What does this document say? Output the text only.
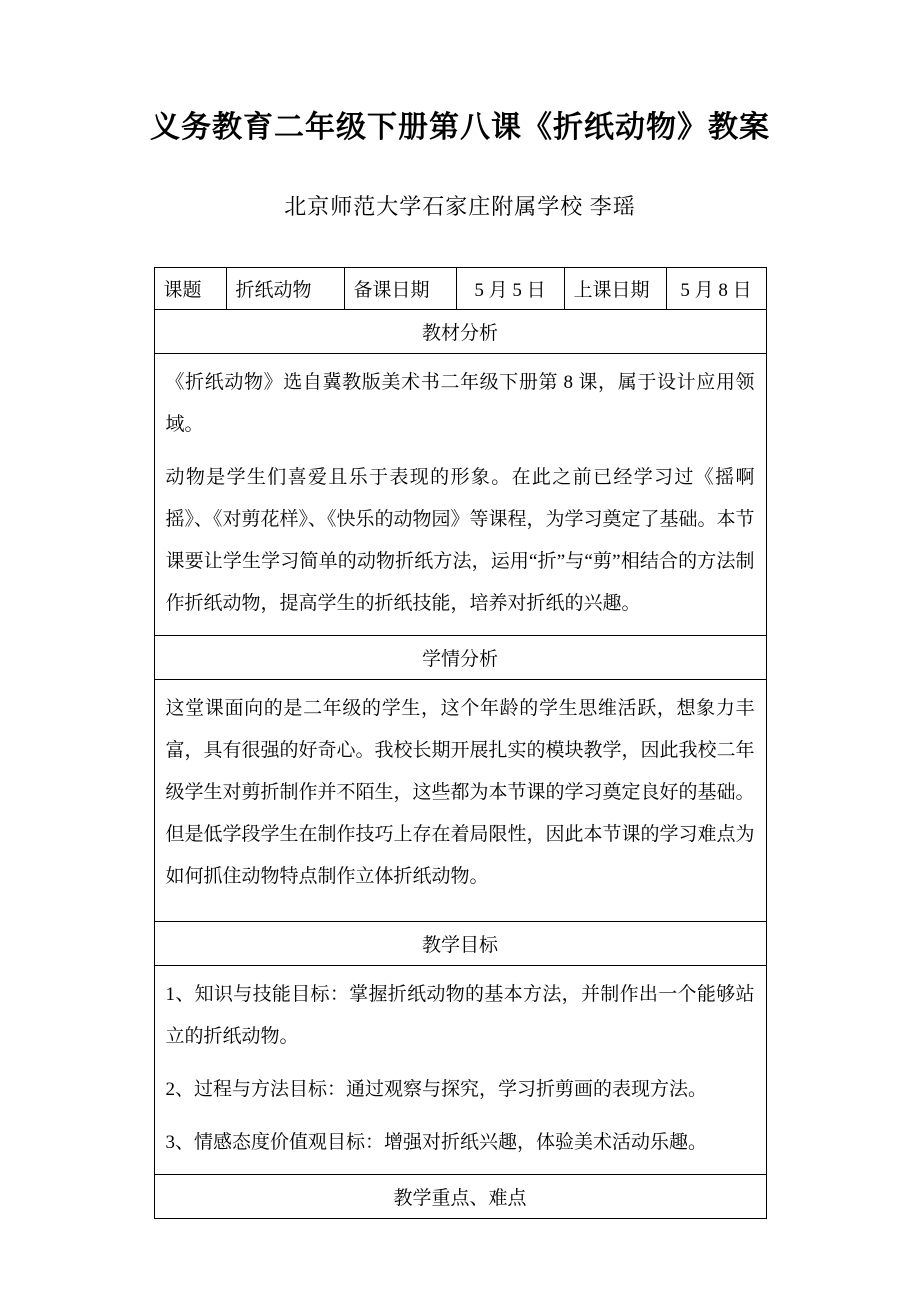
义务教育二年级下册第八课《折纸动物》教案
北京师范大学石家庄附属学校 李瑶
课题	折纸动物	备课日期	5 月 5 日	上课日期	5 月 8 日
教材分析

《折纸动物》选自冀教版美术书二年级下册第 8 课，属于设计应用领域。

动物是学生们喜爱且乐于表现的形象。在此之前已经学习过《摇啊摇》、《对剪花样》、《快乐的动物园》等课程，为学习奠定了基础。本节课要让学生学习简单的动物折纸方法，运用“折”与“剪”相结合的方法制作折纸动物，提高学生的折纸技能，培养对折纸的兴趣。

学情分析

这堂课面向的是二年级的学生，这个年龄的学生思维活跃，想象力丰富，具有很强的好奇心。我校长期开展扎实的模块教学，因此我校二年级学生对剪折制作并不陌生，这些都为本节课的学习奠定良好的基础。但是低学段学生在制作技巧上存在着局限性，因此本节课的学习难点为如何抓住动物特点制作立体折纸动物。

教学目标

1、知识与技能目标：掌握折纸动物的基本方法，并制作出一个能够站立的折纸动物。

2、过程与方法目标：通过观察与探究，学习折剪画的表现方法。

3、情感态度价值观目标：增强对折纸兴趣，体验美术活动乐趣。

教学重点、难点
